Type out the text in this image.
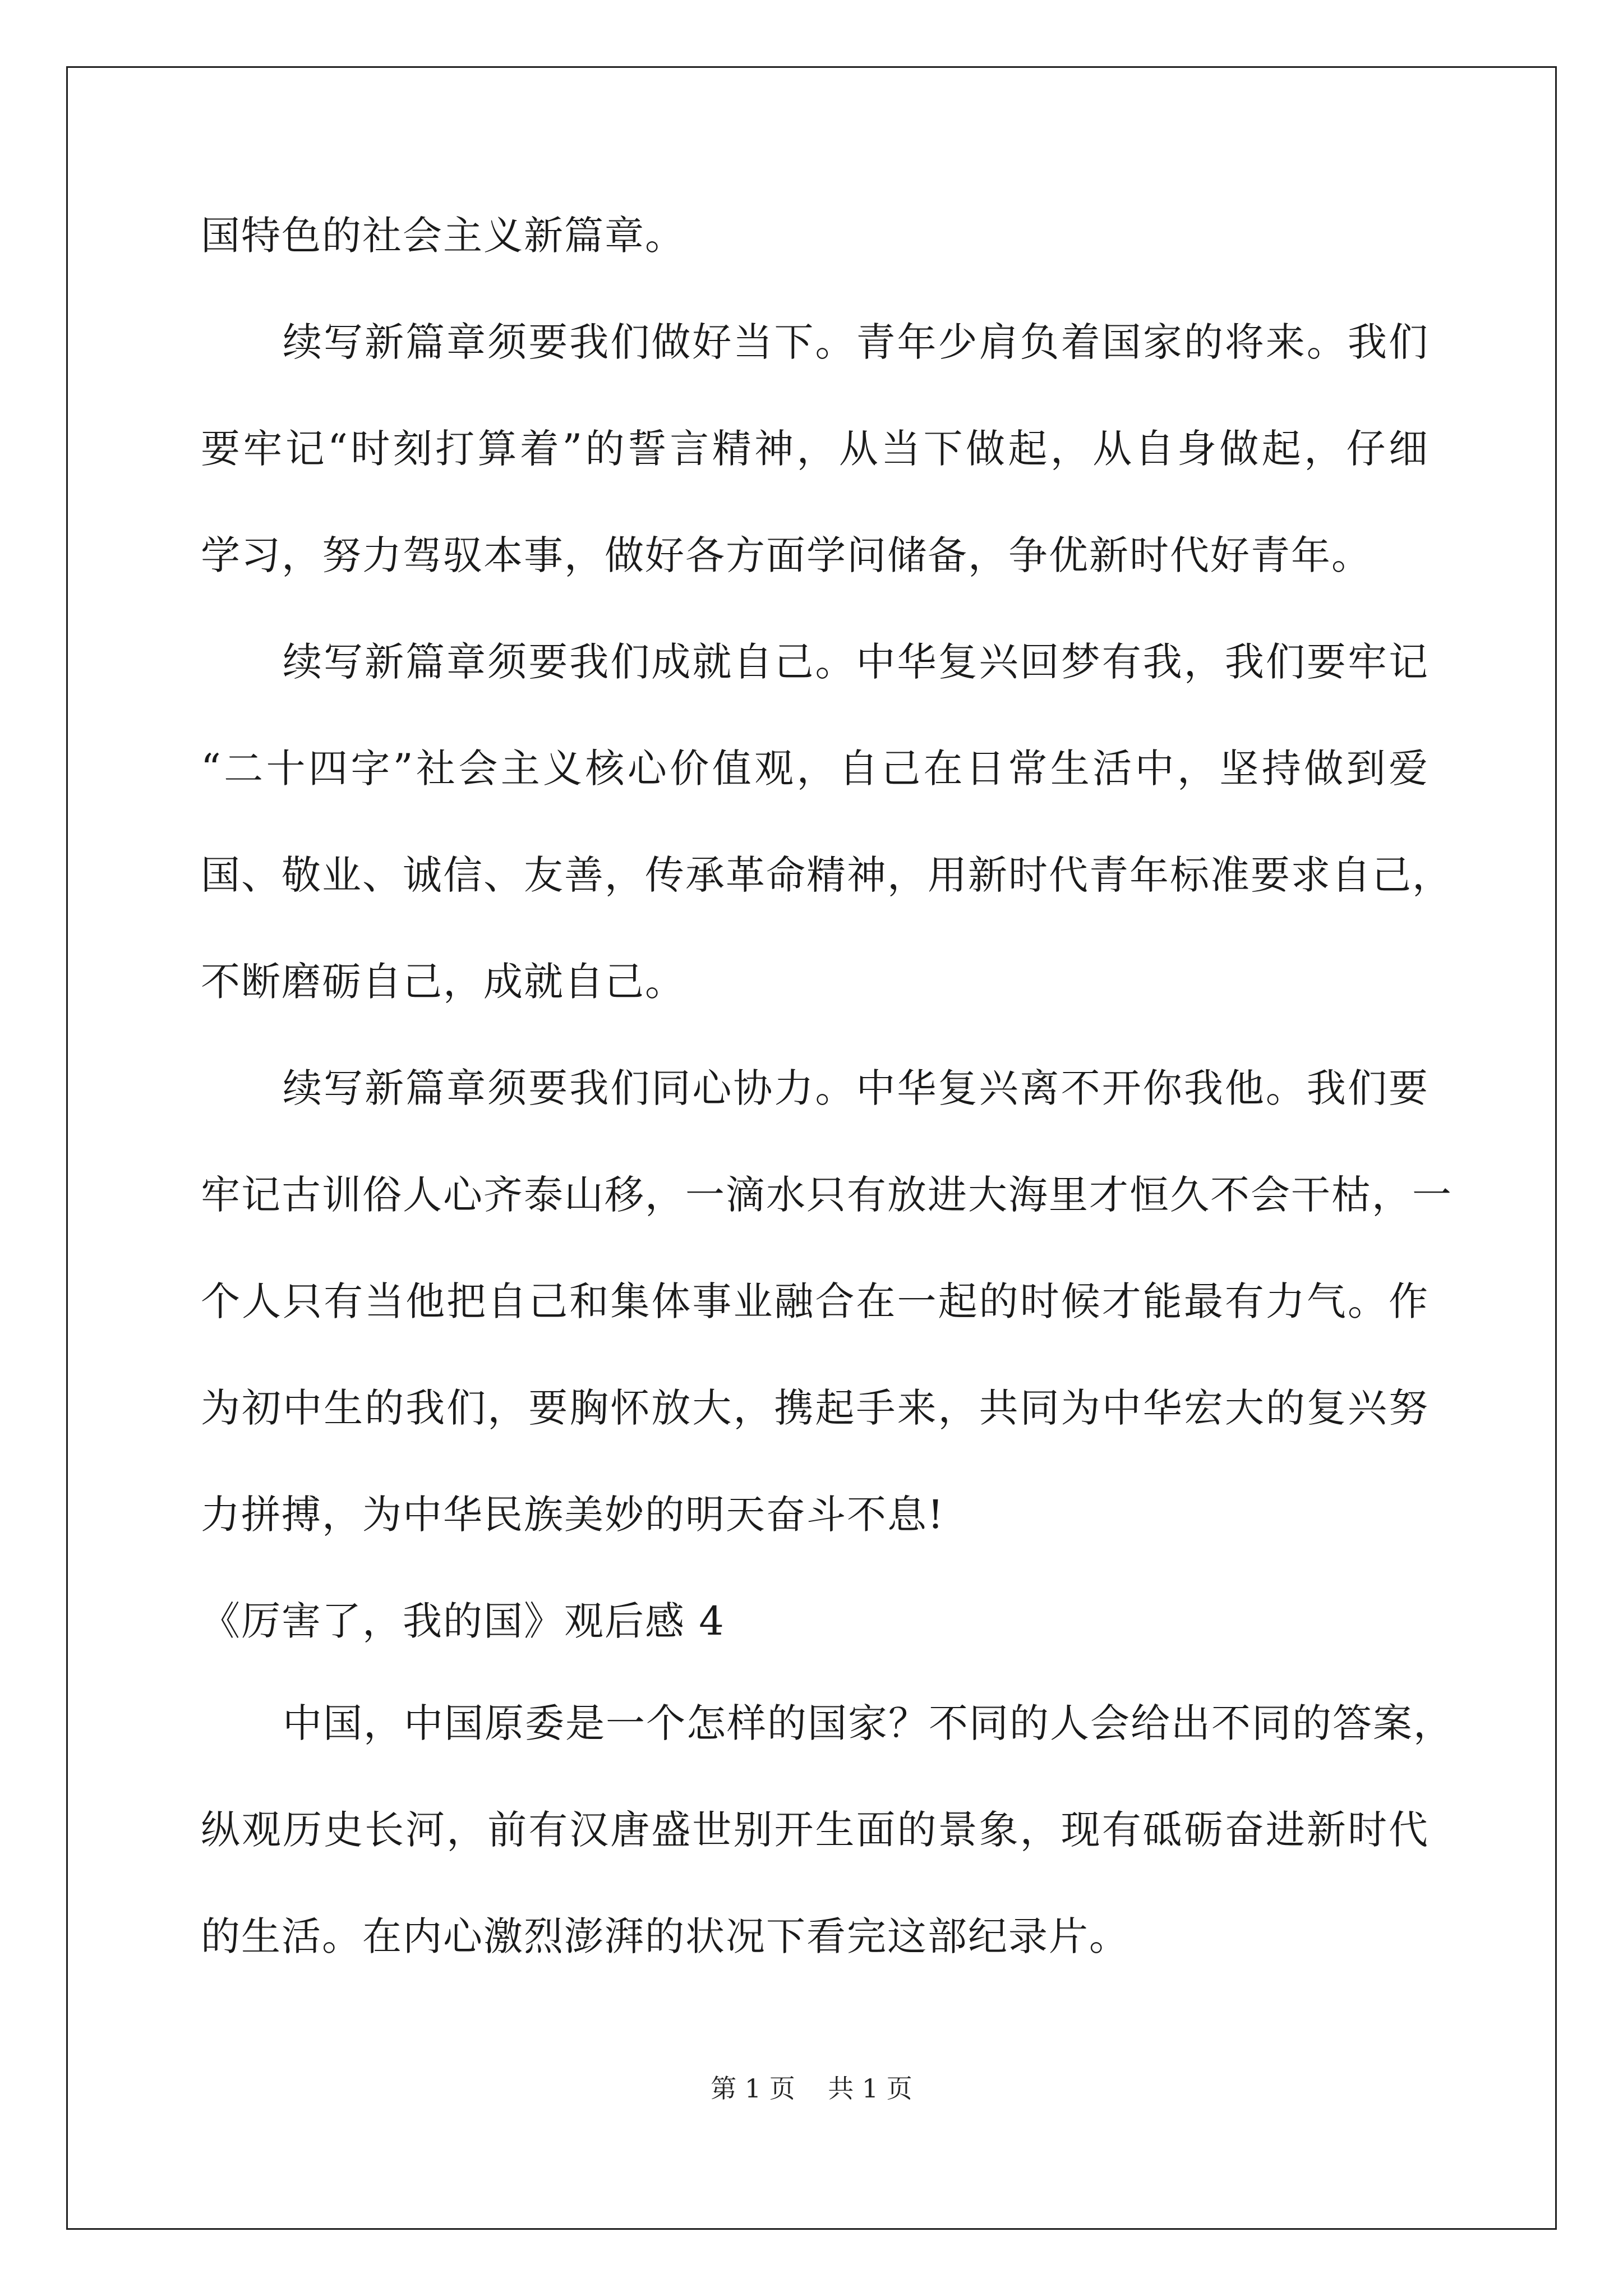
国特色的社会主义新篇章。
续写新篇章须要我们做好当下。青年少肩负着国家的将来。我们
要牢记“时刻打算着”的誓言精神，从当下做起，从自身做起，仔细
学习，努力驾驭本事，做好各方面学问储备，争优新时代好青年。
续写新篇章须要我们成就自己。中华复兴回梦有我，我们要牢记
“二十四字”社会主义核心价值观，自己在日常生活中，坚持做到爱
国、敬业、诚信、友善，传承革命精神，用新时代青年标准要求自己，
不断磨砺自己，成就自己。
续写新篇章须要我们同心协力。中华复兴离不开你我他。我们要
牢记古训俗人心齐泰山移，一滴水只有放进大海里才恒久不会干枯，一
个人只有当他把自己和集体事业融合在一起的时候才能最有力气。作
为初中生的我们，要胸怀放大，携起手来，共同为中华宏大的复兴努
力拼搏，为中华民族美妙的明天奋斗不息!
《厉害了，我的国》观后感 4
中国，中国原委是一个怎样的国家？不同的人会给出不同的答案，
纵观历史长河，前有汉唐盛世别开生面的景象，现有砥砺奋进新时代
的生活。在内心激烈澎湃的状况下看完这部纪录片。
第 1 页    共 1 页
